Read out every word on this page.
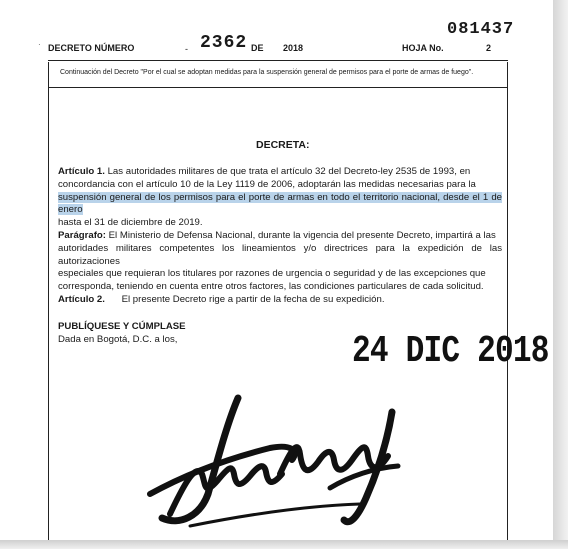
·
081437
DECRETO NÚMERO	- 2362 DE 2018	HOJA No.	2
Continuación del Decreto "Por el cual se adoptan medidas para la suspensión general de permisos para el porte de armas de fuego".
DECRETA:
Artículo 1. Las autoridades militares de que trata el artículo 32 del Decreto-ley 2535 de 1993, en
concordancia con el artículo 10 de la Ley 1119 de 2006, adoptarán las medidas necesarias para la
suspensión general de los permisos para el porte de armas en todo el territorio nacional, desde el 1 de enero
hasta el 31 de diciembre de 2019.
Parágrafo: El Ministerio de Defensa Nacional, durante la vigencia del presente Decreto, impartirá a las
autoridades militares competentes los lineamientos y/o directrices para la expedición de las autorizaciones
especiales que requieran los titulares por razones de urgencia o seguridad y de las excepciones que
corresponda, teniendo en cuenta entre otros factores, las condiciones particulares de cada solicitud.
Artículo 2. El presente Decreto rige a partir de la fecha de su expedición.
PUBLÍQUESE Y CÚMPLASE
Dada en Bogotá, D.C. a los,	24 DIC 2018
